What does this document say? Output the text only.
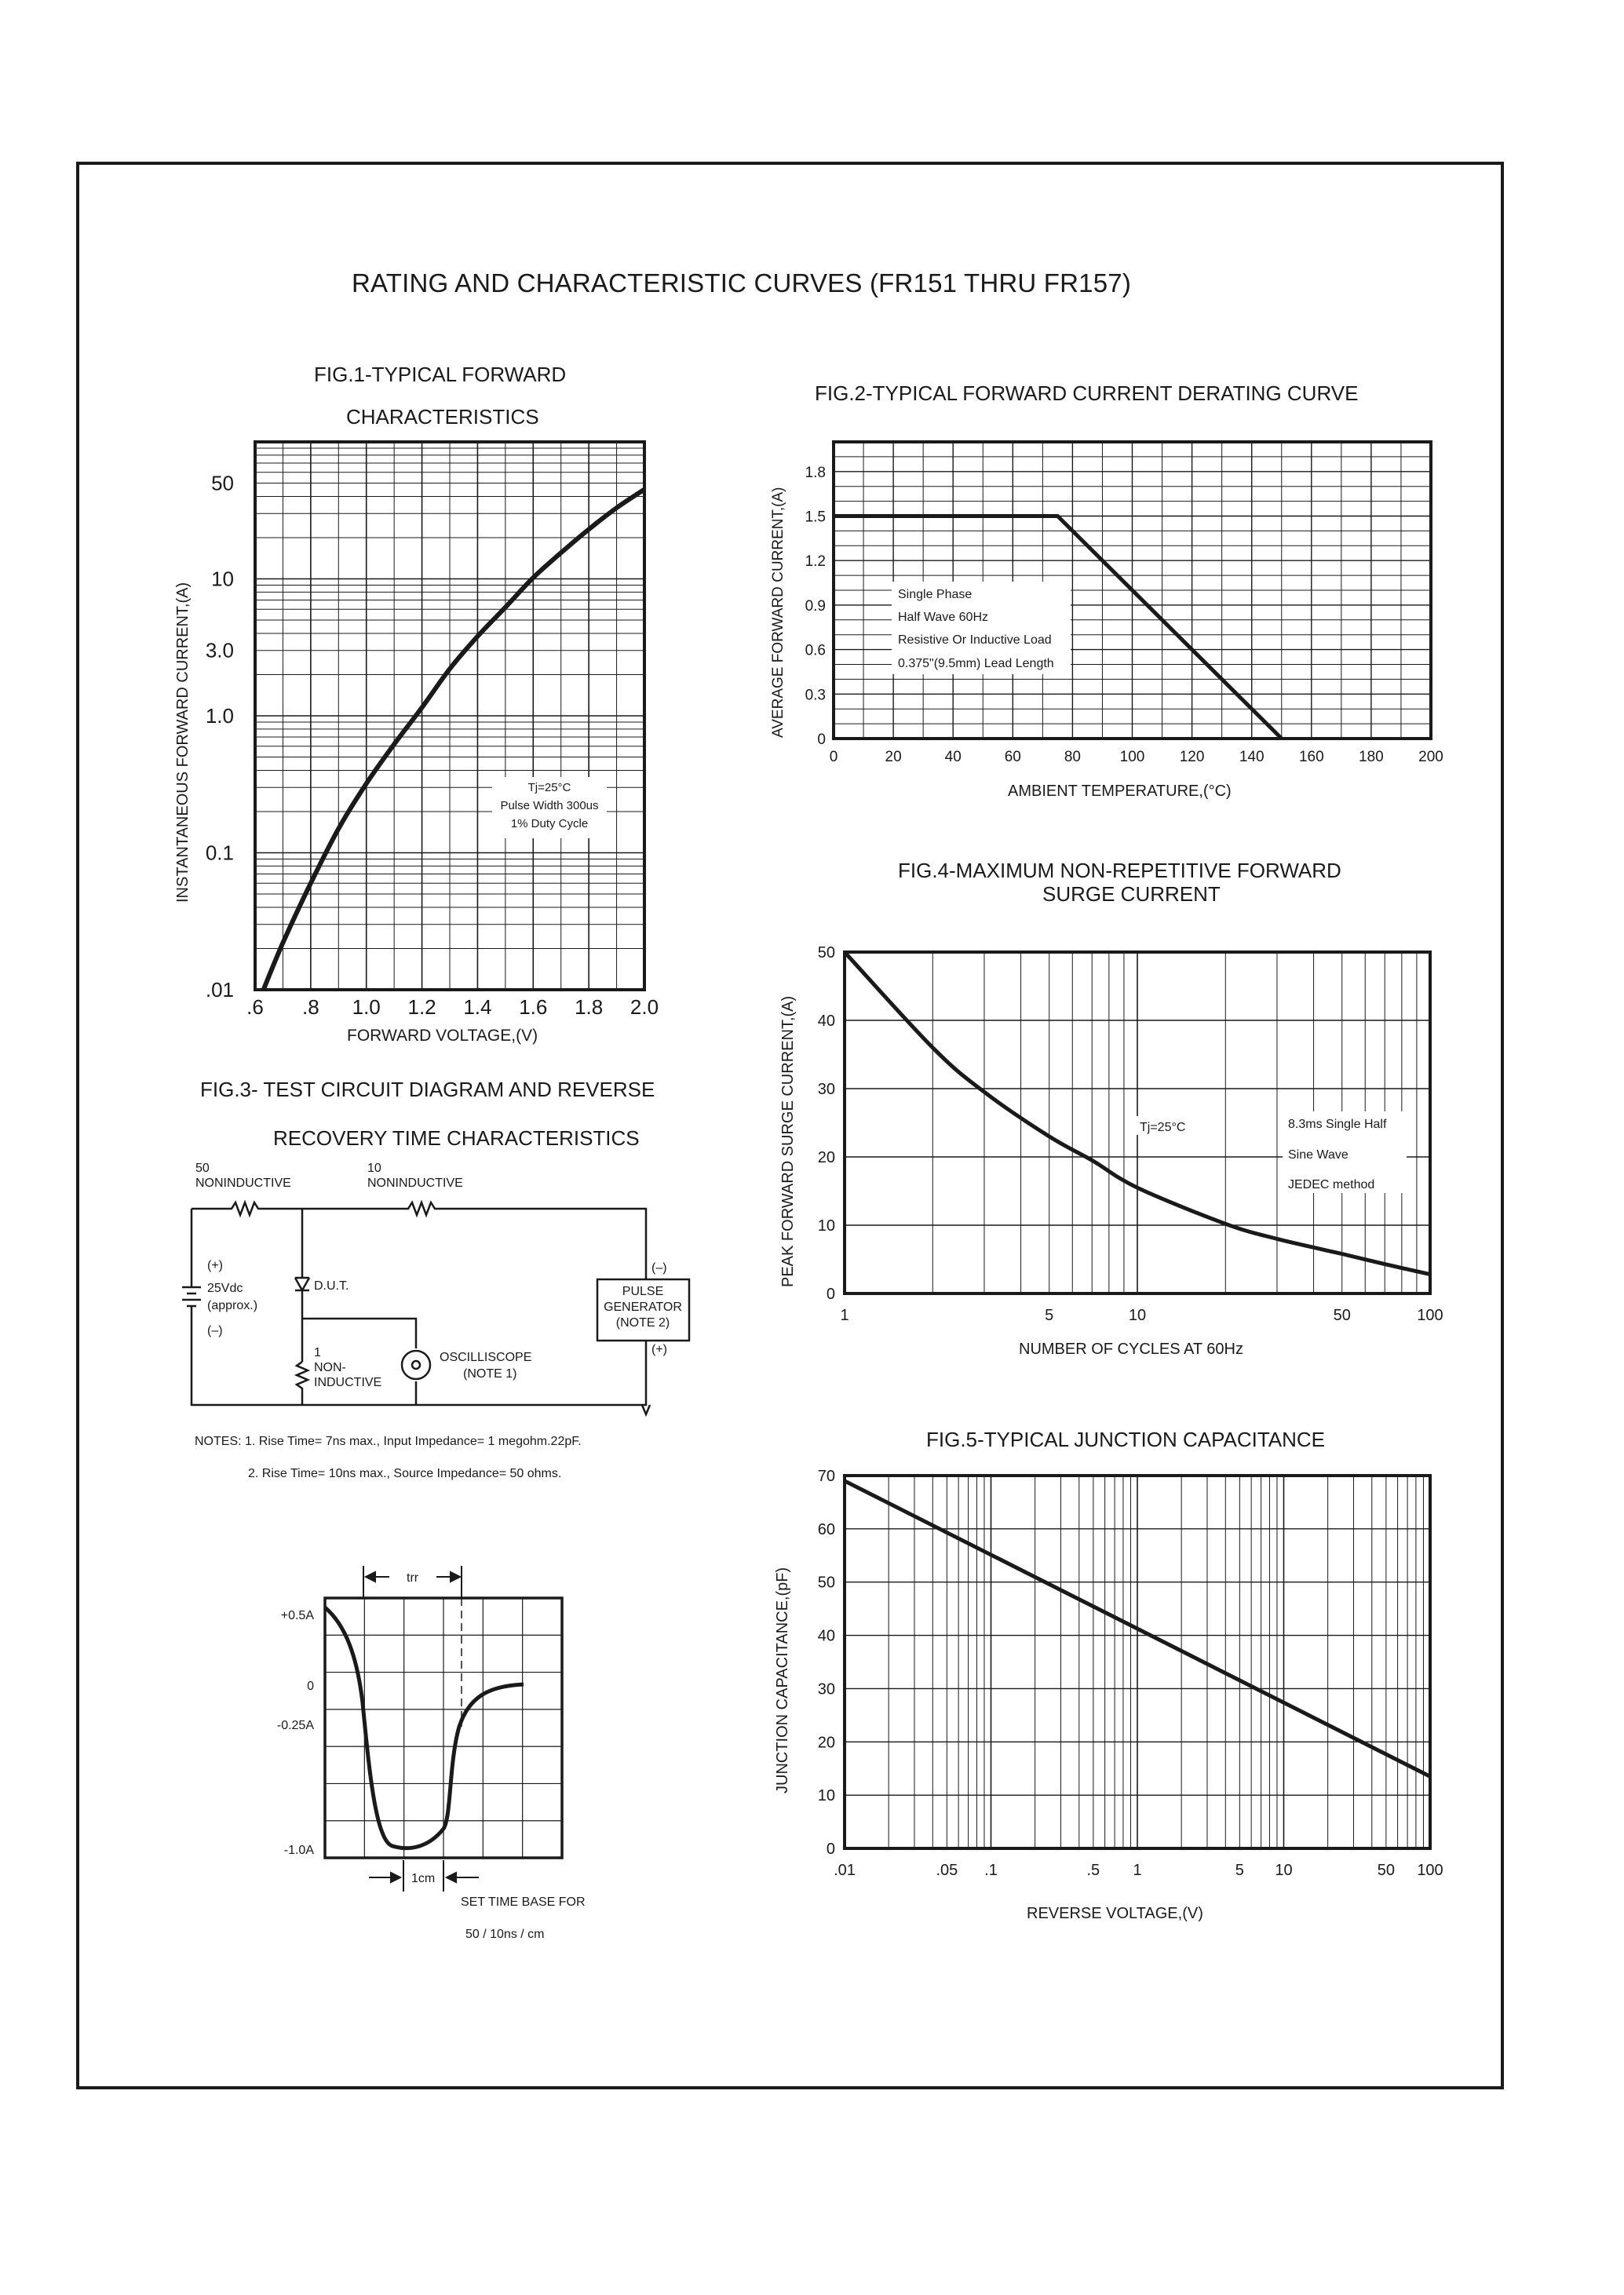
RATING AND CHARACTERISTIC CURVES (FR151 THRU FR157)
FIG.1-TYPICAL FORWARD
CHARACTERISTICS
FIG.2-TYPICAL FORWARD CURRENT DERATING CURVE
FIG.4-MAXIMUM NON-REPETITIVE FORWARD
SURGE CURRENT
FIG.5-TYPICAL JUNCTION CAPACITANCE
FIG.3- TEST CIRCUIT DIAGRAM AND REVERSE
RECOVERY TIME CHARACTERISTICS
NOTES: 1. Rise Time= 7ns max., Input Impedance= 1 megohm.22pF.
2. Rise Time= 10ns max., Source Impedance= 50 ohms.
.6 .8 1.0 1.2 1.4 1.6 1.8 2.0
50
10
3.0
1.0
0.1
.01
Tj=25°C
Pulse Width 300us
1% Duty Cycle
FORWARD VOLTAGE,(V)
INSTANTANEOUS FORWARD CURRENT,(A)	0	20	40	60	80	100 120 140 160 180 200
0
0.3
0.6
0.9
1.2
1.5
1.8
Single Phase
Half Wave 60Hz
Resistive Or Inductive Load
0.375"(9.5mm) Lead Length
AMBIENT TEMPERATURE,(°C)
AVERAGE FORWARD CURRENT,(A)
1	5	10	50	100
0
10
20
30
40
50
Tj=25°C	8.3ms Single Half
Sine Wave
JEDEC method
NUMBER OF CYCLES AT 60Hz
PEAK FORWARD SURGE CURRENT,(A)
.01	.05 .1	.5 1	5 10	50 100
0
10
20
30
40
50
60
70
REVERSE VOLTAGE,(V)
JUNCTION CAPACITANCE,(pF)
50
NONINDUCTIVE
10
NONINDUCTIVE
(+)
25Vdc
(approx.)
(–)
D.U.T.
1
NON-
INDUCTIVE
OSCILLISCOPE
(NOTE 1)
(–)
PULSE
GENERATOR
(NOTE 2)
(+)
trr
+0.5A
0
-0.25A
-1.0A
1cm
SET TIME BASE FOR
50 / 10ns / cm
